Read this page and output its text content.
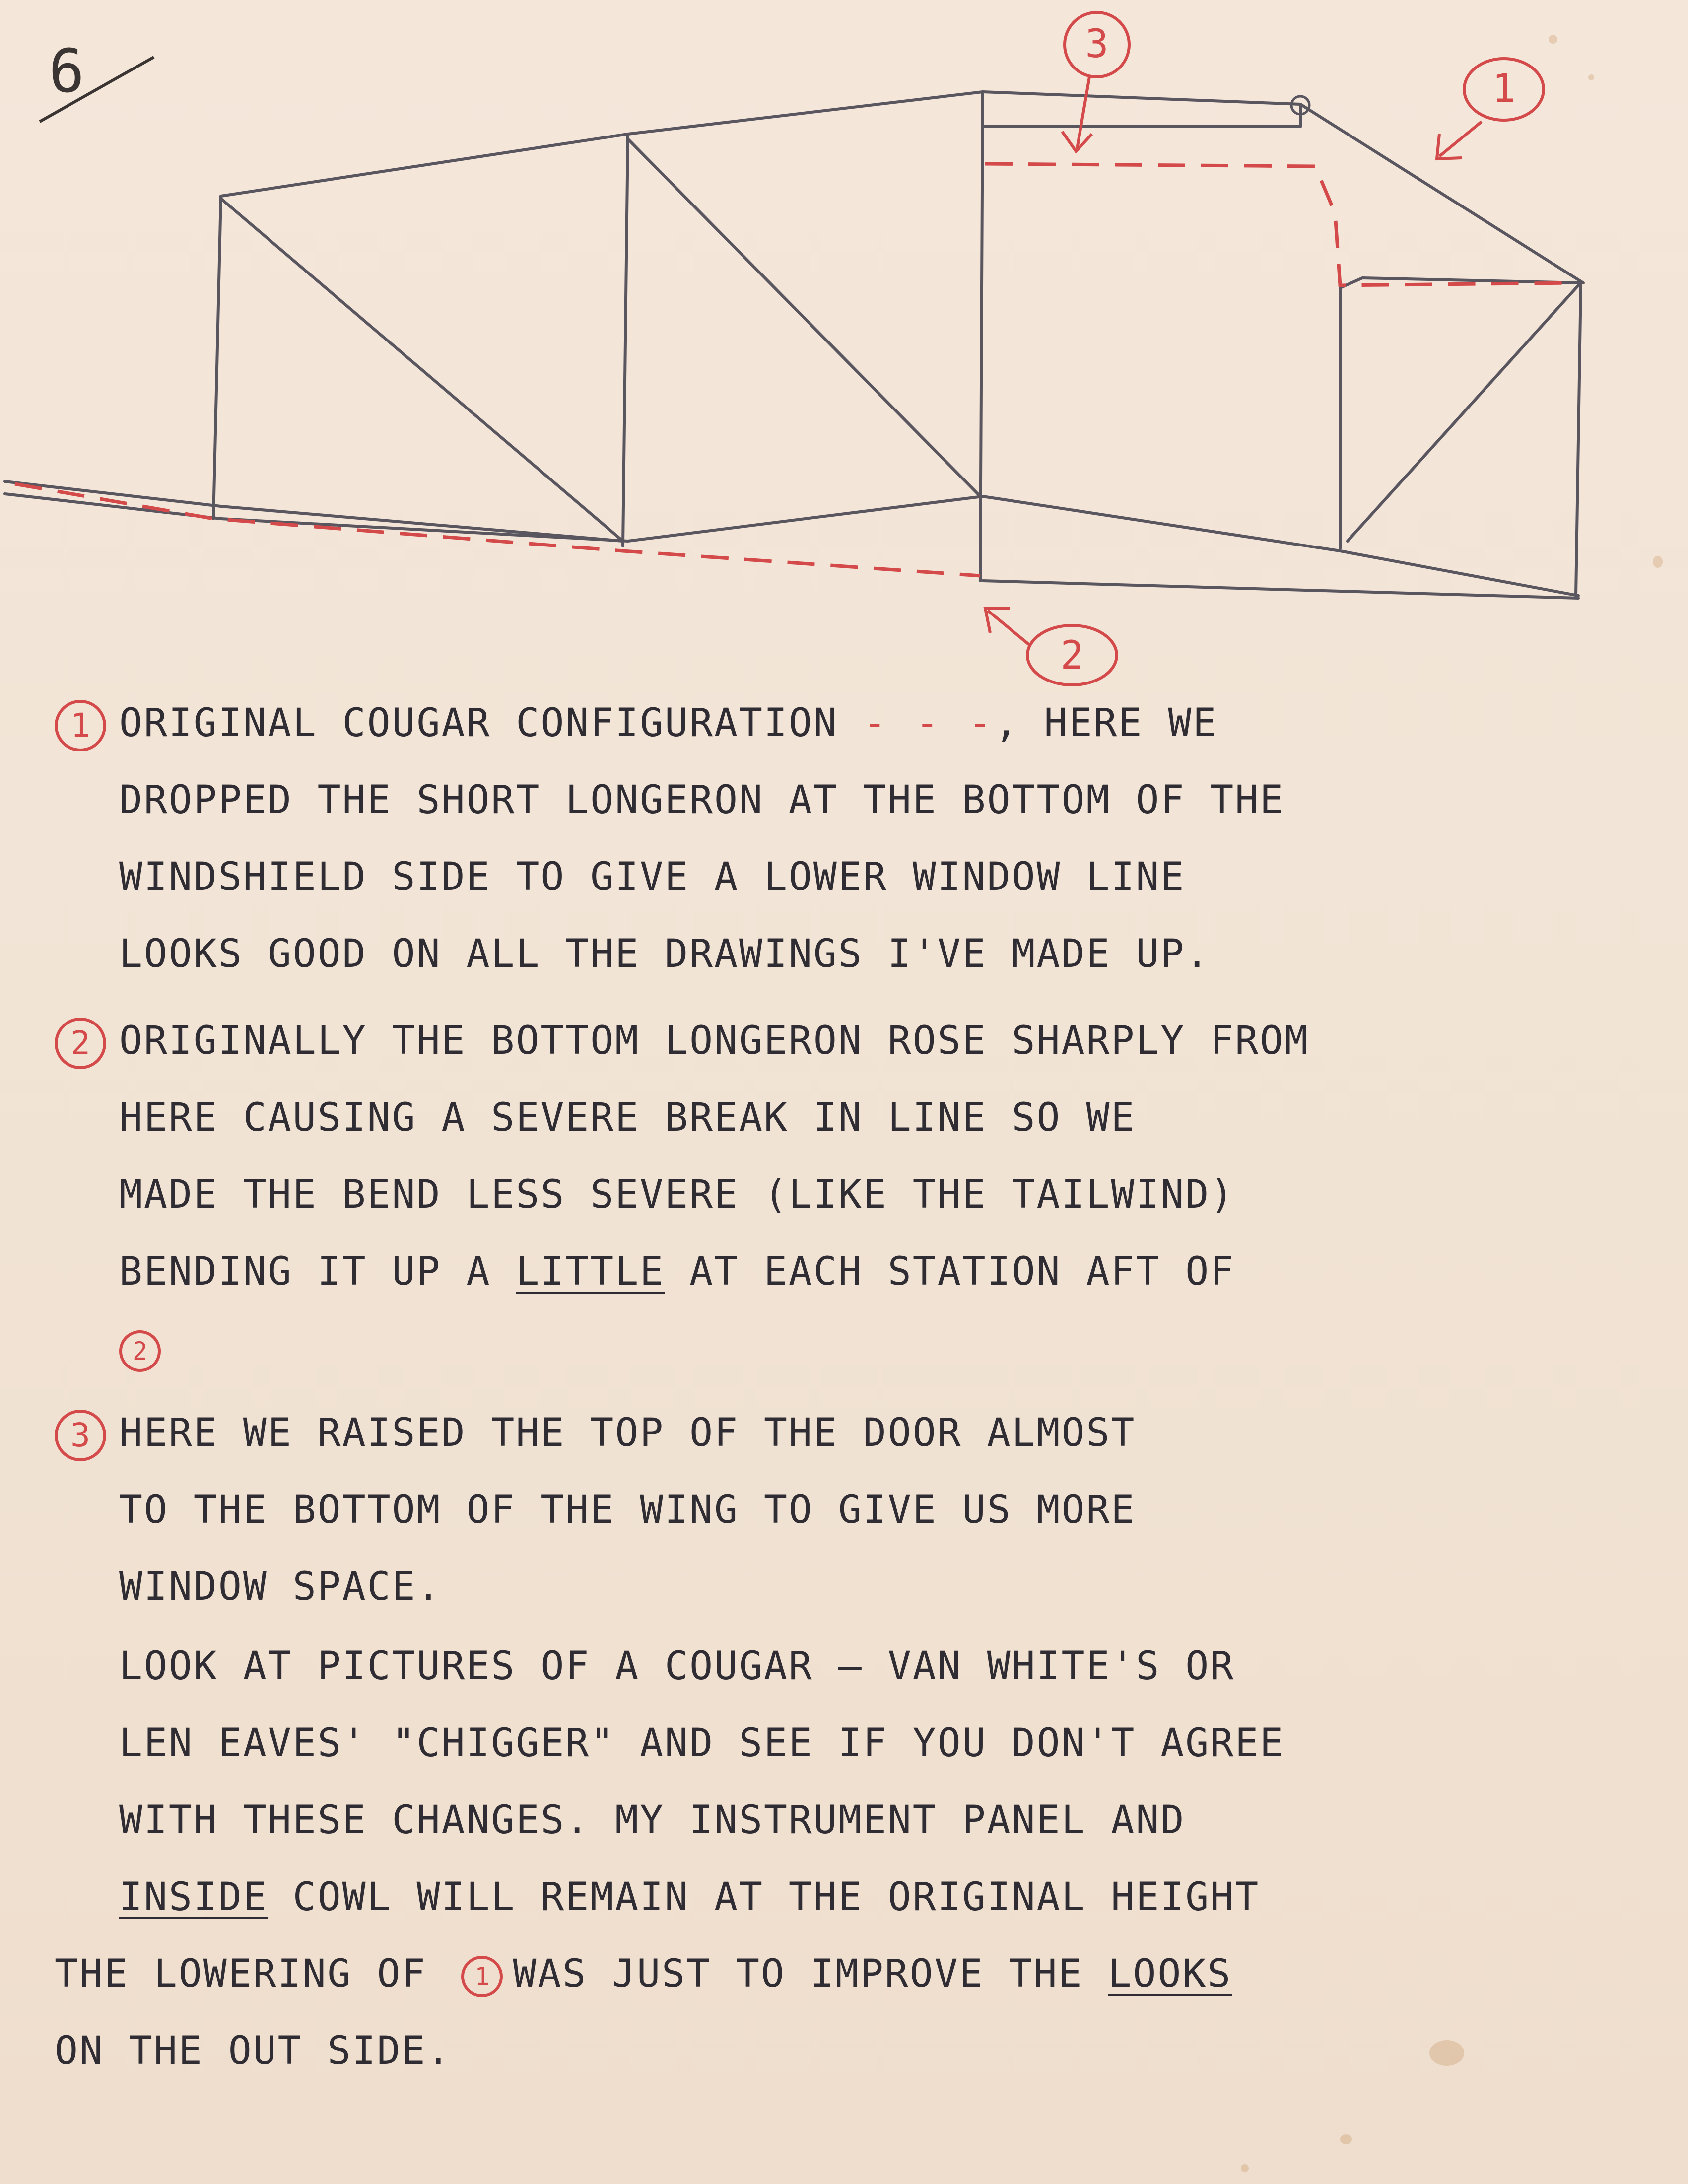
6	3
1
2

1 ORIGINAL COUGAR CONFIGURATION - - -, HERE WE

DROPPED THE SHORT LONGERON AT THE BOTTOM OF THE

WINDSHIELD SIDE TO GIVE A LOWER WINDOW LINE

LOOKS GOOD ON ALL THE DRAWINGS I'VE MADE UP.

2 ORIGINALLY THE BOTTOM LONGERON ROSE SHARPLY FROM

HERE CAUSING A SEVERE BREAK IN LINE SO WE

MADE THE BEND LESS SEVERE (LIKE THE TAILWIND)

BENDING IT UP A LITTLE AT EACH STATION AFT OF

2

3 HERE WE RAISED THE TOP OF THE DOOR ALMOST

TO THE BOTTOM OF THE WING TO GIVE US MORE

WINDOW SPACE.

LOOK AT PICTURES OF A COUGAR — VAN WHITE'S OR

LEN EAVES' "CHIGGER" AND SEE IF YOU DON'T AGREE

WITH THESE CHANGES. MY INSTRUMENT PANEL AND

INSIDE COWL WILL REMAIN AT THE ORIGINAL HEIGHT

THE LOWERING OF 1 WAS JUST TO IMPROVE THE LOOKS

ON THE OUT SIDE.
